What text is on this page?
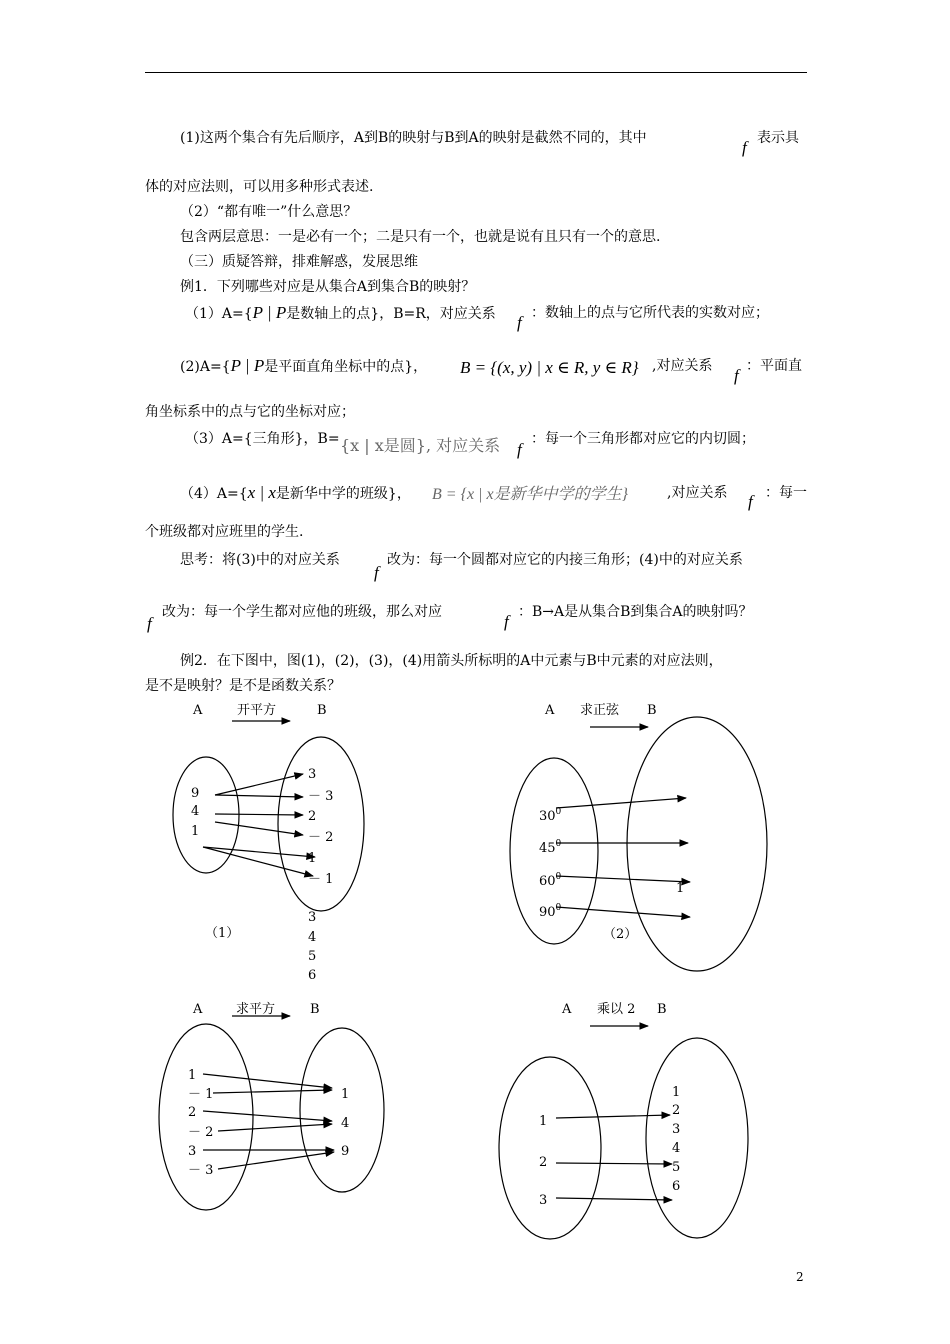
(1)这两个集合有先后顺序，A到B的映射与B到A的映射是截然不同的，其中	f 表示具
体的对应法则，可以用多种形式表述.
（2）“都有唯一”什么意思？
包含两层意思：一是必有一个；二是只有一个，也就是说有且只有一个的意思.
（三）质疑答辩，排难解惑，发展思维
例1．下列哪些对应是从集合A到集合B的映射？
（1）A={P | P是数轴上的点}，B=R，对应关系 f ：数轴上的点与它所代表的实数对应；
(2)A={P | P是平面直角坐标中的点}， B = {(x, y) | x ∈ R, y ∈ R} ,对应关系 f ：平面直
角坐标系中的点与它的坐标对应；
（3）A={三角形}，B= {x | x是圆}, 对应关系 f
：每一个三角形都对应它的内切圆；
（4）A={x | x是新华中学的班级}， B = {x | x是新华中学的学生}	,对应关系 f ：每一
个班级都对应班里的学生.
思考：将(3)中的对应关系
f
改为：每一个圆都对应它的内接三角形；(4)中的对应关系
f
改为：每一个学生都对应他的班级，那么对应	f ：B→A是从集合B到集合A的映射吗？
例2．在下图中，图(1)，(2)，(3)，(4)用箭头所标明的A中元素与B中元素的对应法则，
是不是映射？是不是函数关系？
A	开平方	B
9
4
1
3
－ 3
2
－ 2
1
－ 1
（1）
3
4
5
6
A 求正弦 B
$30^0$
$45^0$
$60^0$
$90^0$
1
（2）
A	求平方	B
1
－ 1
2
－ 2
3
－ 3
1
4
9
A 乘以 2 B
1
2
3
1
2
3
4
5
6
2
